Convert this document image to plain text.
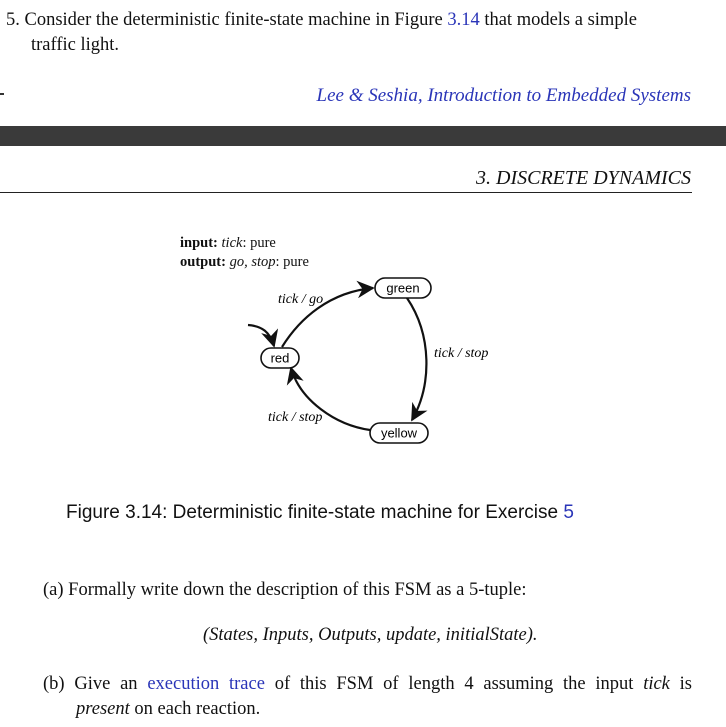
5. Consider the deterministic finite-state machine in Figure 3.14 that models a simple
traffic light.
Lee & Seshia, Introduction to Embedded Systems
3. DISCRETE DYNAMICS
input: tick: pure
output: go, stop: pure
green
red
yellow
tick / go
tick / stop
tick / stop
Figure 3.14: Deterministic finite-state machine for Exercise 5
(a) Formally write down the description of this FSM as a 5-tuple:
(States, Inputs, Outputs, update, initialState).
(b) Give an execution trace of this FSM of length 4 assuming the input tick is
present on each reaction.
